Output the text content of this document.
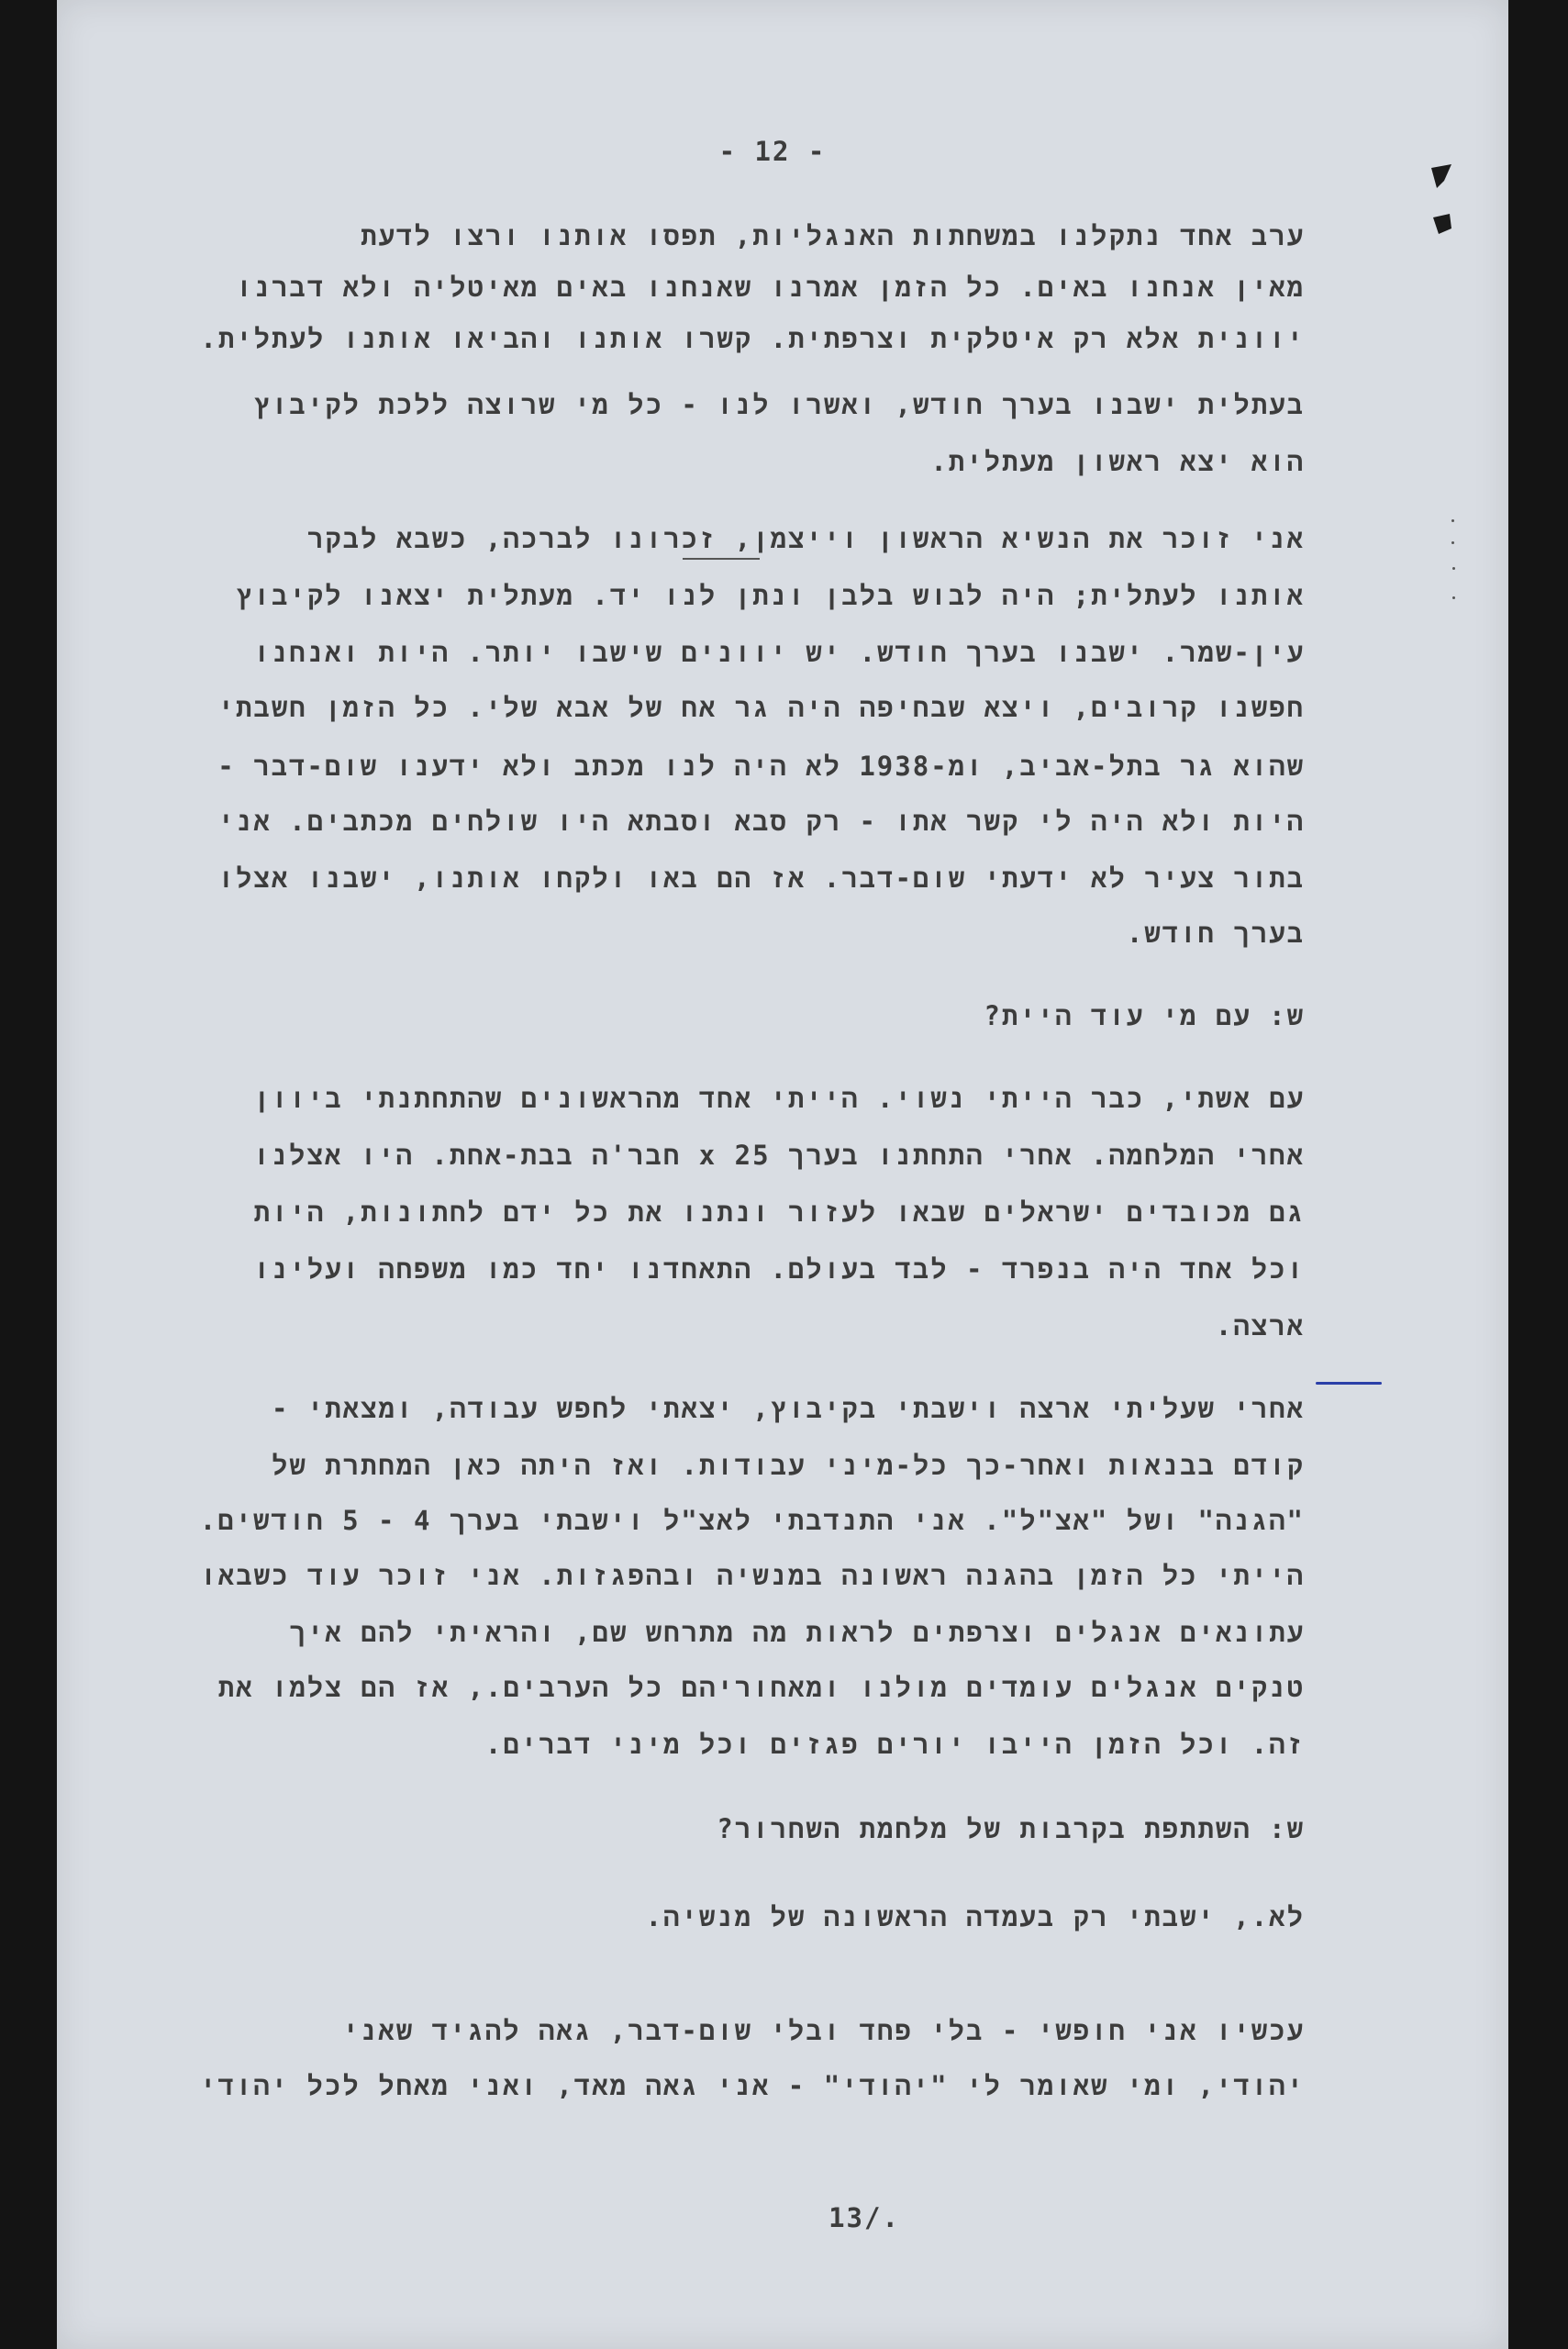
- 12 -
ערב אחד נתקלנו במשחתות האנגליות, תפסו אותנו ורצו לדעת
מאין אנחנו באים. כל הזמן אמרנו שאנחנו באים מאיטליה ולא דברנו
יוונית אלא רק איטלקית וצרפתית. קשרו אותנו והביאו אותנו לעתלית.
בעתלית ישבנו בערך חודש, ואשרו לנו - כל מי שרוצה ללכת לקיבוץ
הוא יצא ראשון מעתלית.
אני זוכר את הנשיא הראשון וייצמן, זכרונו לברכה, כשבא לבקר
אותנו לעתלית; היה לבוש בלבן ונתן לנו יד. מעתלית יצאנו לקיבוץ
עין-שמר. ישבנו בערך חודש. יש יוונים שישבו יותר. היות ואנחנו
חפשנו קרובים, ויצא שבחיפה היה גר אח של אבא שלי. כל הזמן חשבתי
שהוא גר בתל-אביב, ומ-1938 לא היה לנו מכתב ולא ידענו שום-דבר -
היות ולא היה לי קשר אתו - רק סבא וסבתא היו שולחים מכתבים. אני
בתור צעיר לא ידעתי שום-דבר. אז הם באו ולקחו אותנו, ישבנו אצלו
בערך חודש.
ש: עם מי עוד היית?
עם אשתי, כבר הייתי נשוי. הייתי אחד מהראשונים שהתחתנתי ביוון
אחרי המלחמה. אחרי התחתנו בערך 25 x חבר'ה בבת-אחת. היו אצלנו
גם מכובדים ישראלים שבאו לעזור ונתנו את כל ידם לחתונות, היות
וכל אחד היה בנפרד - לבד בעולם. התאחדנו יחד כמו משפחה ועלינו
ארצה.
אחרי שעליתי ארצה וישבתי בקיבוץ, יצאתי לחפש עבודה, ומצאתי -
קודם בבנאות ואחר-כך כל-מיני עבודות. ואז היתה כאן המחתרת של
"הגנה" ושל "אצ"ל". אני התנדבתי לאצ"ל וישבתי בערך 4 - 5 חודשים.
הייתי כל הזמן בהגנה ראשונה במנשיה ובהפגזות. אני זוכר עוד כשבאו
עתונאים אנגלים וצרפתים לראות מה מתרחש שם, והראיתי להם איך
טנקים אנגלים עומדים מולנו ומאחוריהם כל הערבים., אז הם צלמו את
זה. וכל הזמן הייבו יורים פגזים וכל מיני דברים.
ש: השתתפת בקרבות של מלחמת השחרור?
לא., ישבתי רק בעמדה הראשונה של מנשיה.
עכשיו אני חופשי - בלי פחד ובלי שום-דבר, גאה להגיד שאני
יהודי, ומי שאומר לי "יהודי" - אני גאה מאד, ואני מאחל לכל יהודי
13/.
